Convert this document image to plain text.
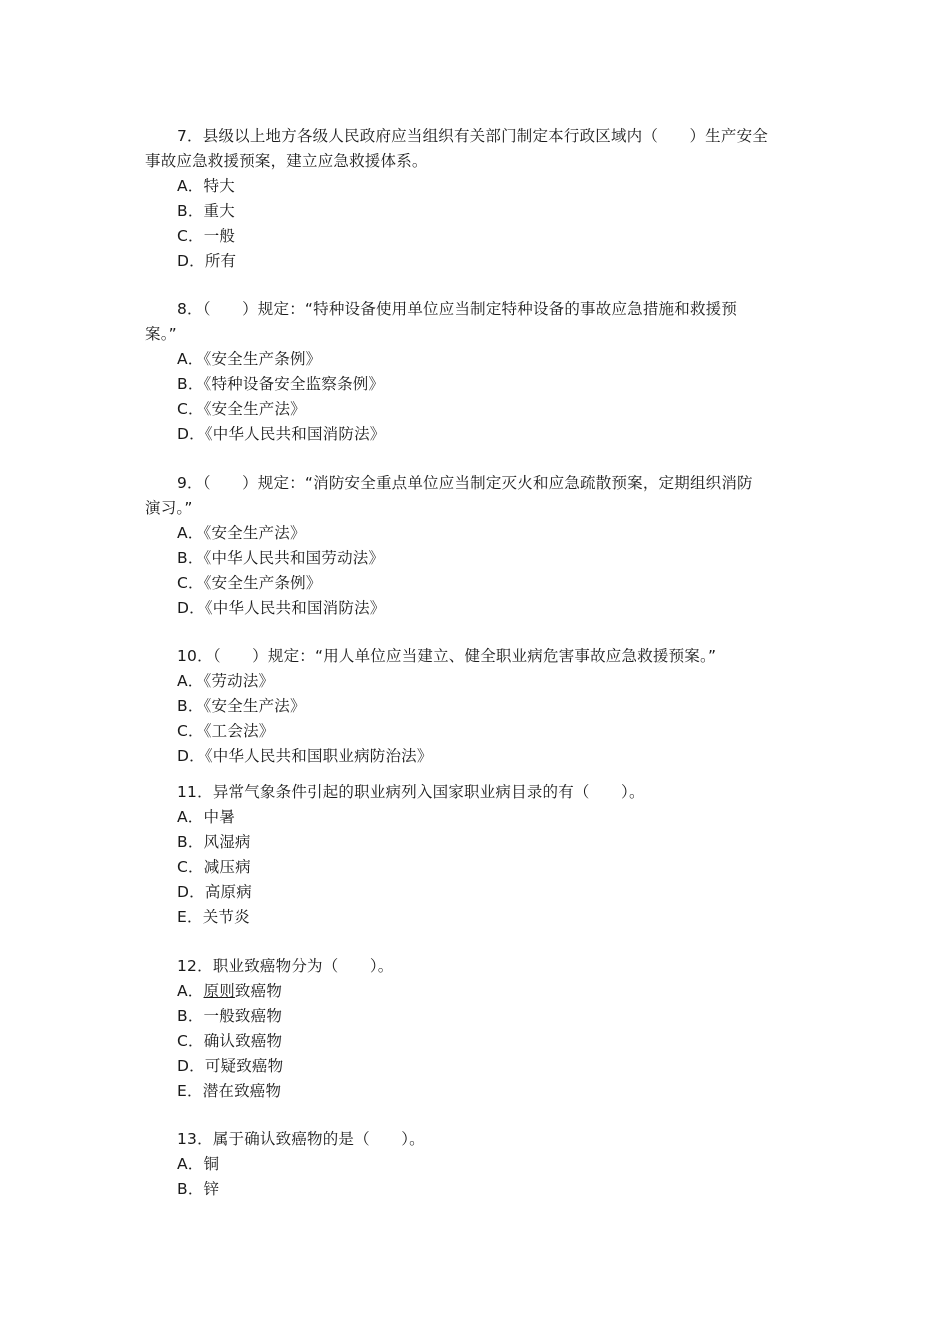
7．县级以上地方各级人民政府应当组织有关部门制定本行政区域内（　　）生产安全
事故应急救援预案，建立应急救援体系。
A．特大
B．重大
C．一般
D．所有
8．（　　）规定：“特种设备使用单位应当制定特种设备的事故应急措施和救援预
案。”
A．《安全生产条例》
B．《特种设备安全监察条例》
C．《安全生产法》
D．《中华人民共和国消防法》
9．（　　）规定：“消防安全重点单位应当制定灭火和应急疏散预案，定期组织消防
演习。”
A．《安全生产法》
B．《中华人民共和国劳动法》
C．《安全生产条例》
D．《中华人民共和国消防法》
10．（　　）规定：“用人单位应当建立、健全职业病危害事故应急救援预案。”
A．《劳动法》
B．《安全生产法》
C．《工会法》
D．《中华人民共和国职业病防治法》
11．异常气象条件引起的职业病列入国家职业病目录的有（　　）。
A．中暑
B．风湿病
C．减压病
D．高原病
E．关节炎
12．职业致癌物分为（　　）。
A．原则致癌物
B．一般致癌物
C．确认致癌物
D．可疑致癌物
E．潜在致癌物
13．属于确认致癌物的是（　　）。
A．铜
B．锌
